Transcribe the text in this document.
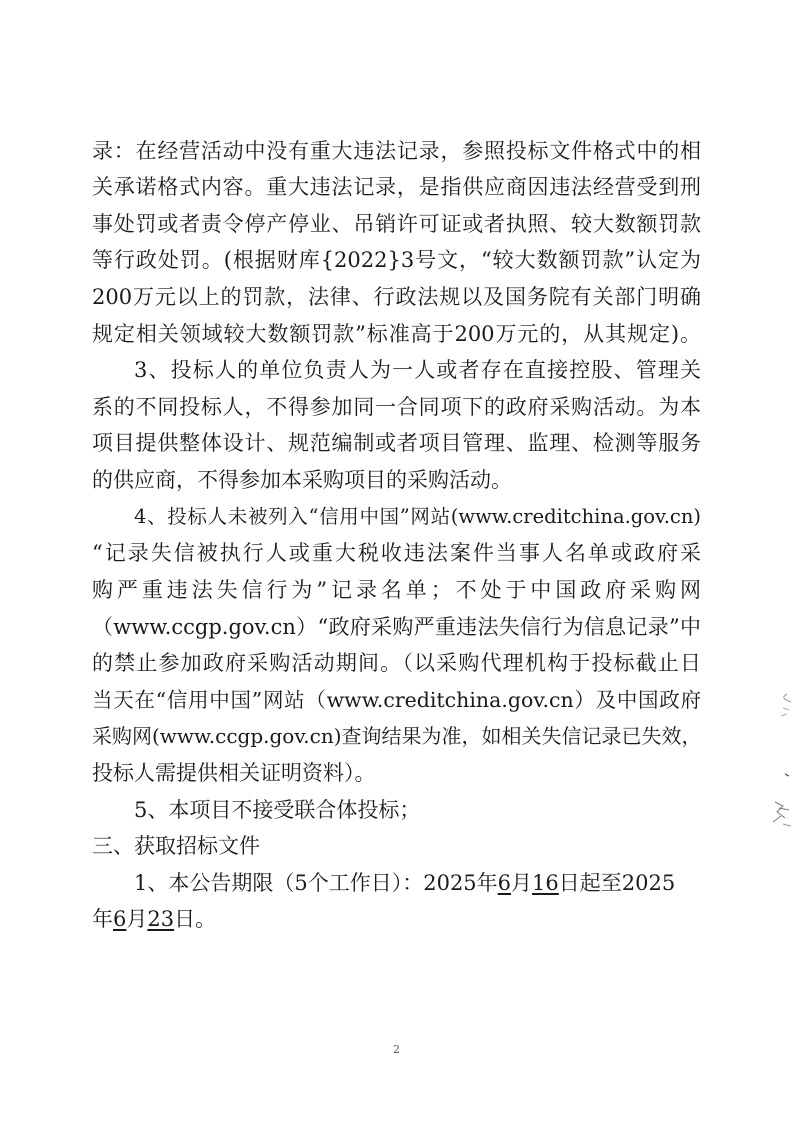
录：在经营活动中没有重大违法记录，参照投标文件格式中的相
关承诺格式内容。重大违法记录，是指供应商因违法经营受到刑
事处罚或者责令停产停业、吊销许可证或者执照、较大数额罚款
等行政处罚。(根据财库{2022}3号文，“较大数额罚款”认定为
200万元以上的罚款，法律、行政法规以及国务院有关部门明确
规定相关领域较大数额罚款”标准高于200万元的，从其规定)。
3、投标人的单位负责人为一人或者存在直接控股、管理关
系的不同投标人，不得参加同一合同项下的政府采购活动。为本
项目提供整体设计、规范编制或者项目管理、监理、检测等服务
的供应商，不得参加本采购项目的采购活动。
4、投标人未被列入“信用中国”网站(www.creditchina.gov.cn)
“记录失信被执行人或重大税收违法案件当事人名单或政府采
购严重违法失信行为”记录名单；不处于中国政府采购网
（www.ccgp.gov.cn）“政府采购严重违法失信行为信息记录”中
的禁止参加政府采购活动期间。（以采购代理机构于投标截止日
当天在“信用中国”网站（www.creditchina.gov.cn）及中国政府
采购网(www.ccgp.gov.cn)查询结果为准，如相关失信记录已失效，
投标人需提供相关证明资料）。
5、本项目不接受联合体投标；
三、获取招标文件
1、本公告期限（5个工作日）：2025年6月16日起至2025
年6月23日。
2
